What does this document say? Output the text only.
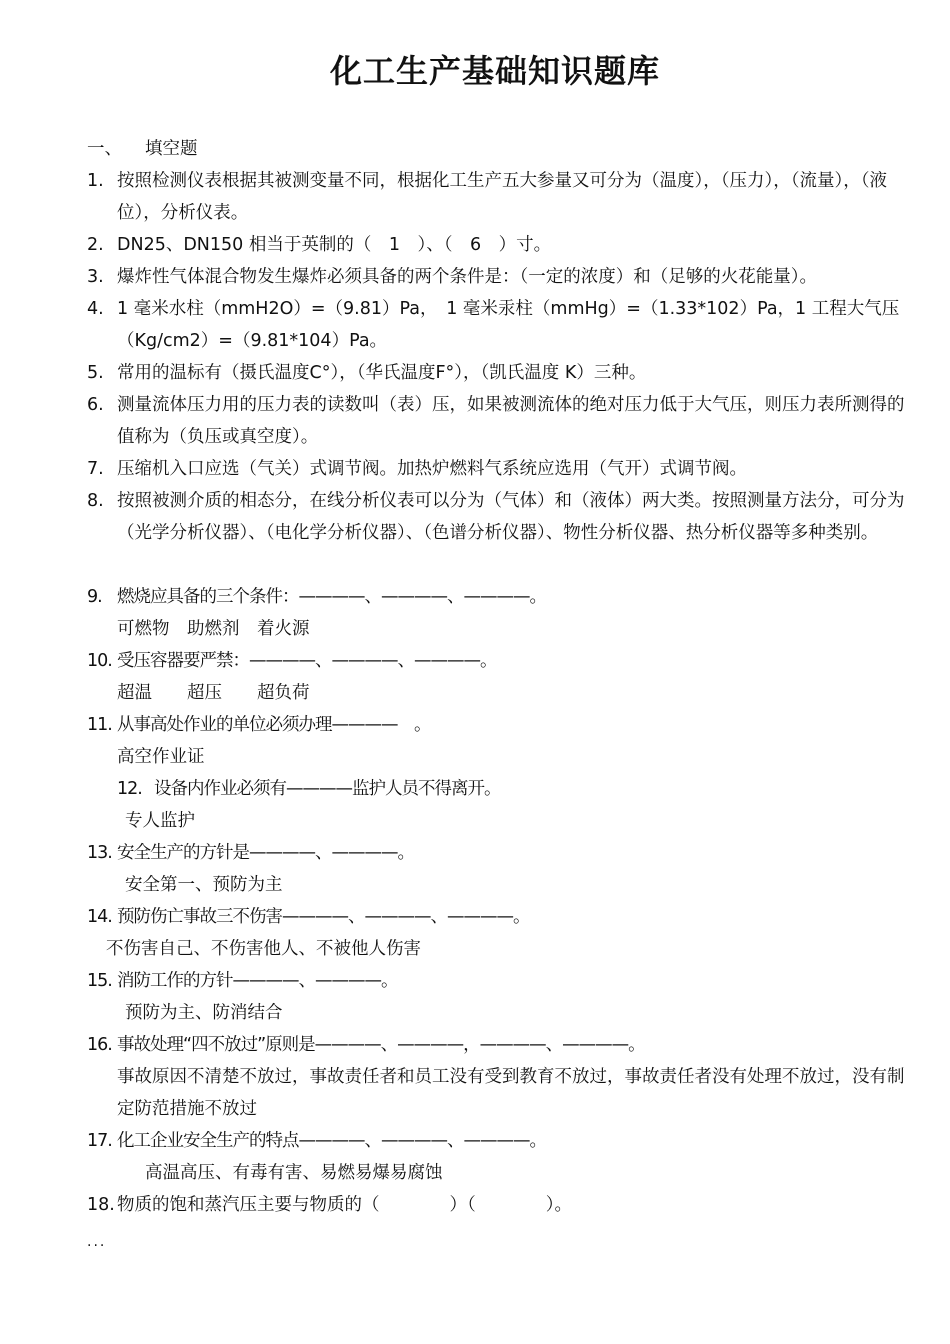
化工生产基础知识题库
一、 填空题
1. 按照检测仪表根据其被测变量不同，根据化工生产五大参量又可分为（温度），（压力），（流量），（液位），分析仪表。
2. DN25、DN150 相当于英制的（　1　）、（　6　）寸。
3. 爆炸性气体混合物发生爆炸必须具备的两个条件是：（一定的浓度）和（足够的火花能量）。
4. 1 毫米水柱（mmH2O）=（9.81）Pa，　1 毫米汞柱（mmHg）=（1.33*102）Pa，1 工程大气压（Kg/cm2）=（9.81*104）Pa。
5. 常用的温标有（摄氏温度C°），（华氏温度F°），（凯氏温度 K）三种。
6. 测量流体压力用的压力表的读数叫（表）压，如果被测流体的绝对压力低于大气压，则压力表所测得的值称为（负压或真空度）。
7. 压缩机入口应选（气关）式调节阀。加热炉燃料气系统应选用（气开）式调节阀。
8. 按照被测介质的相态分，在线分析仪表可以分为（气体）和（液体）两大类。按照测量方法分，可分为（光学分析仪器）、（电化学分析仪器）、（色谱分析仪器）、物性分析仪器、热分析仪器等多种类别。
9. 燃烧应具备的三个条件：————、————、————。
可燃物　助燃剂　着火源
10. 受压容器要严禁：————、————、————。
超温　　超压　　超负荷
11. 从事高处作业的单位必须办理————　。
高空作业证
12. 设备内作业必须有————监护人员不得离开。
专人监护
13. 安全生产的方针是————、————。
安全第一、预防为主
14. 预防伤亡事故三不伤害————、————、————。
不伤害自己、不伤害他人、不被他人伤害
15. 消防工作的方针————、————。
预防为主、防消结合
16. 事故处理“四不放过”原则是————、————，————、————。
事故原因不清楚不放过，事故责任者和员工没有受到教育不放过，事故责任者没有处理不放过，没有制定防范措施不放过
17. 化工企业安全生产的特点————、————、————。
高温高压、有毒有害、易燃易爆易腐蚀
18. 物质的饱和蒸汽压主要与物质的（　　　　）（　　　　）。
...
